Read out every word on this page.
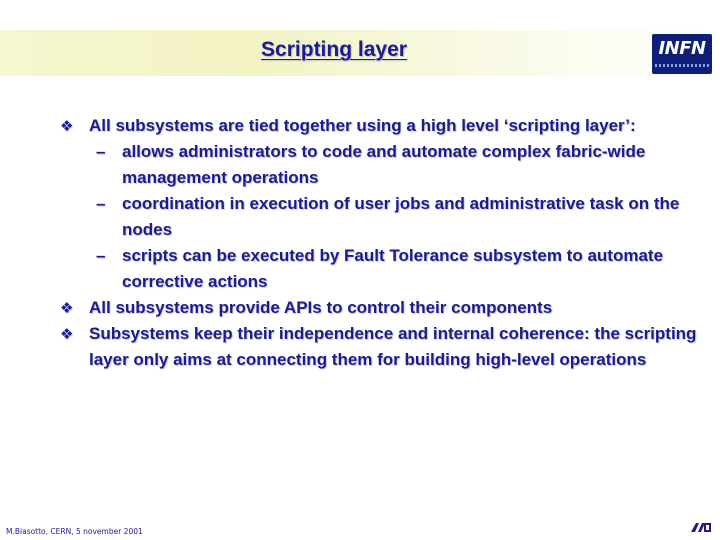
Scripting layer	INFN
❖ All subsystems are tied together using a high level ‘scripting layer’:
– allows administrators to code and automate complex fabric-wide management operations
– coordination in execution of user jobs and administrative task on the nodes
– scripts can be executed by Fault Tolerance subsystem to automate corrective actions
❖ All subsystems provide APIs to control their components
❖ Subsystems keep their independence and internal coherence: the scripting layer only aims at connecting them for building high-level operations
M.Biasotto, CERN, 5 november 2001
